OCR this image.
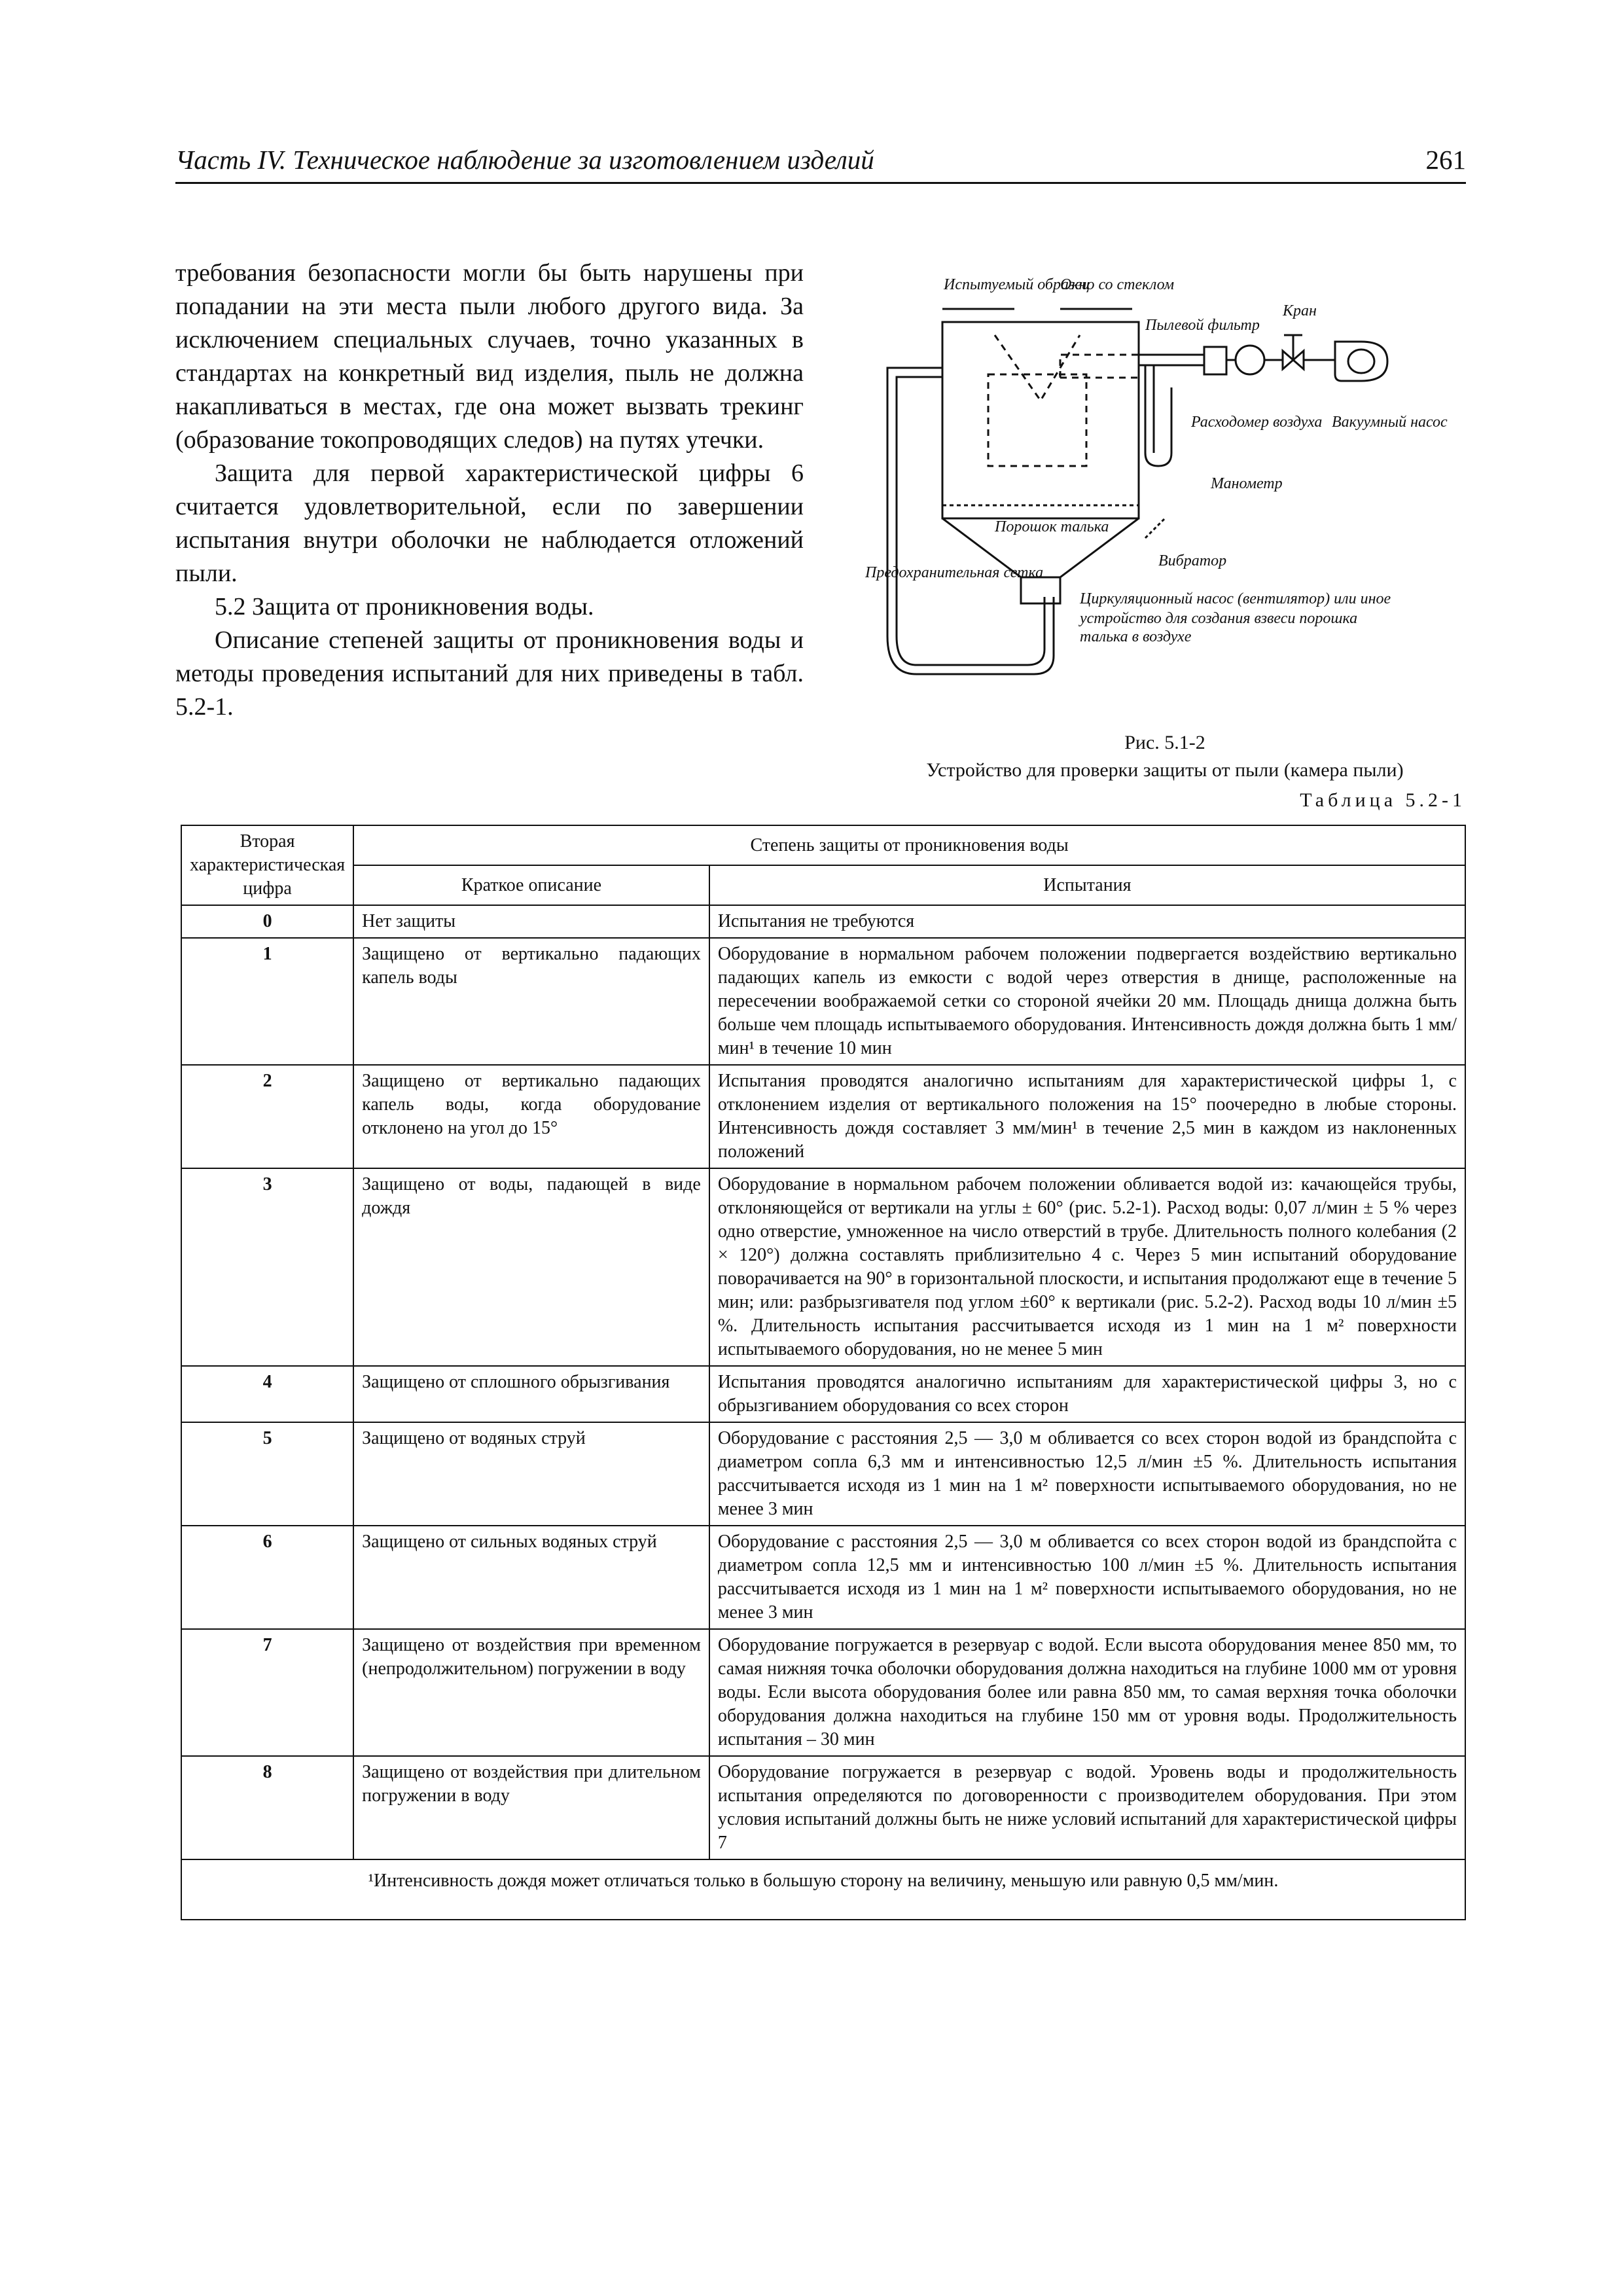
Часть IV. Техническое наблюдение за изготовлением изделий	261

требования безопасности могли бы быть нарушены при попадании на эти места пыли любого другого вида. За исключением специальных случаев, точно указанных в стандартах на конкретный вид изделия, пыль не должна накапливаться в местах, где она может вызвать трекинг (образование токопроводящих следов) на путях утечки.

Защита для первой характеристической цифры 6 считается удовлетворительной, если по завершении испытания внутри оболочки не наблюдается отложений пыли.

5.2 Защита от проникновения воды.

Описание степеней защиты от проникновения воды и методы проведения испытаний для них приведены в табл. 5.2-1.

Испытуемый образец
Окно со стеклом
Пылевой фильтр
Кран
Расходомер воздуха Вакуумный насос
Манометр
Порошок талька
Вибратор
Предохранительная сетка
Циркуляционный насос (вентилятор) или иное
устройство для создания взвеси порошка
талька в воздухе
Рис. 5.1-2
Устройство для проверки защиты от пыли (камера пыли)
Таблица 5.2-1
Вторая характеристическая цифра	Степень защиты от проникновения воды	
	Краткое описание	Испытания
0	Нет защиты	Испытания не требуются
1	Защищено от вертикально падающих капель воды	Оборудование в нормальном рабочем положении подвергается воздействию вертикально падающих капель из емкости с водой через отверстия в днище, расположенные на пересечении воображаемой сетки со стороной ячейки 20 мм. Площадь днища должна быть больше чем площадь испытываемого оборудования. Интенсивность дождя должна быть 1 мм/мин¹ в течение 10 мин
2	Защищено от вертикально падающих капель воды, когда оборудование отклонено на угол до 15°	Испытания проводятся аналогично испытаниям для характеристической цифры 1, с отклонением изделия от вертикального положения на 15° поочередно в любые стороны. Интенсивность дождя составляет 3 мм/мин¹ в течение 2,5 мин в каждом из наклоненных положений
3	Защищено от воды, падающей в виде дождя	Оборудование в нормальном рабочем положении обливается водой из: качающейся трубы, отклоняющейся от вертикали на углы ± 60° (рис. 5.2-1). Расход воды: 0,07 л/мин ± 5 % через одно отверстие, умноженное на число отверстий в трубе. Длительность полного колебания (2 × 120°) должна составлять приблизительно 4 с. Через 5 мин испытаний оборудование поворачивается на 90° в горизонтальной плоскости, и испытания продолжают еще в течение 5 мин; или: разбрызгивателя под углом ±60° к вертикали (рис. 5.2-2). Расход воды 10 л/мин ±5 %. Длительность испытания рассчитывается исходя из 1 мин на 1 м² поверхности испытываемого оборудования, но не менее 5 мин
4	Защищено от сплошного обрызгивания	Испытания проводятся аналогично испытаниям для характеристической цифры 3, но с обрызгиванием оборудования со всех сторон
5	Защищено от водяных струй	Оборудование с расстояния 2,5 — 3,0 м обливается со всех сторон водой из брандспойта с диаметром сопла 6,3 мм и интенсивностью 12,5 л/мин ±5 %. Длительность испытания рассчитывается исходя из 1 мин на 1 м² поверхности испытываемого оборудования, но не менее 3 мин
6	Защищено от сильных водяных струй	Оборудование с расстояния 2,5 — 3,0 м обливается со всех сторон водой из брандспойта с диаметром сопла 12,5 мм и интенсивностью 100 л/мин ±5 %. Длительность испытания рассчитывается исходя из 1 мин на 1 м² поверхности испытываемого оборудования, но не менее 3 мин
7	Защищено от воздействия при временном (непродолжительном) погружении в воду	Оборудование погружается в резервуар с водой. Если высота оборудования менее 850 мм, то самая нижняя точка оболочки оборудования должна находиться на глубине 1000 мм от уровня воды. Если высота оборудования более или равна 850 мм, то самая верхняя точка оболочки оборудования должна находиться на глубине 150 мм от уровня воды. Продолжительность испытания – 30 мин
8	Защищено от воздействия при длительном погружении в воду	Оборудование погружается в резервуар с водой. Уровень воды и продолжительность испытания определяются по договоренности с производителем оборудования. При этом условия испытаний должны быть не ниже условий испытаний для характеристической цифры 7
¹Интенсивность дождя может отличаться только в большую сторону на величину, меньшую или равную 0,5 мм/мин.		
